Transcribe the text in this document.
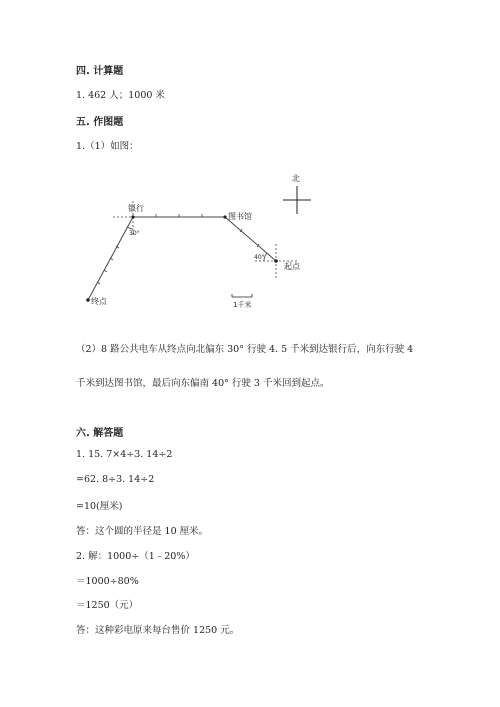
四. 计算题
1. 462 人；1000 米
五. 作图题
1.（1）如图：
北
银行
图书馆
终点
起点
30°
40°
1千米
（2）8 路公共电车从终点向北偏东 30° 行驶 4. 5 千米到达银行后，向东行驶 4
千米到达图书馆，最后向东偏南 40° 行驶 3 千米回到起点。
六. 解答题
1. 15. 7×4÷3. 14÷2
=62. 8÷3. 14÷2
=10(厘米)
答：这个圆的半径是 10 厘米。
2. 解：1000÷（1﹣20%）
＝1000÷80%
＝1250（元）
答：这种彩电原来每台售价 1250 元。
